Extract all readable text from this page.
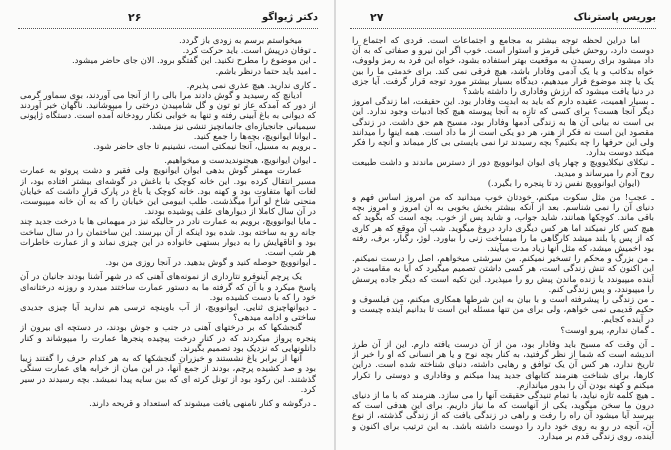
دکتر ژیواگو
۲۶

میخواستم برسم به زودی باز گردد.

ـ توفان درپیش است. باید حرکت کرد.

ـ این موضوع را مطرح نکنید. این گفتگو برود. الان جای حاضر میشود.

ـ امید باید حتما درنظر باشم.

ـ کاری ندارید. هیچ عذری نمی پذیرم.

ادیانچ که رسیدید و گوش دادند مرا بالی را از آنجا می آوردند، بوی سماور گرمی از دور که آمدکه عاز تو تون و گل شامپیدن درختی را میپوشانید. ناگهان خبر آوردند که دیوانی به باغ آبینی رفته و تنها به خوابی نکنار رودخانه آمده است. دستگاه ژاپونی سیمیانی جانجیازه‌ای جانمانچیز تنشی نیز میشد.

ـ ایوانا ایوانویچ، بچه‌ها را جمع کنید.

ـ برویم به مسیل، آنجا نیمکتی است، نشینیم تا جای حاضر شود.

ـ ایوان ایوانویچ، هیجنوندیدست و میخواهیم.

عمارت مهمتر گوش بدهی ایوان ایوانویچ ولی فقیر و دشت پروتو به عمارت مسیر انتقال کرده بود. این خانه کوچک با باغش در گوشه‌ای بیشتر افتاده بود، از لغات آنها متفاوت بود و کهنه بود. خانه کوچک یا باغ در پارک قرار داشت که خیابان منحنی شاخ لو آنرا میگذشت. طلب ابیومی این خیابان را که به آن خانه میپیوست، در آن سال کاملا از دیوارهای علف پوشیده بودند.

ـ مایا ایوانوویچ، برویم به عمارت نادر در حالیکه نیز در میهمانی ها با درخت جدید چند جانه رو به ساخته بود. شده بود اینکه از آن بپرسند. این ساختمان را در سال ساخت بود و اتاقهایش را به دیوار بستهی خانواده در این چیزی نماند و از عمارت خاطرات هر شب است.

ـ ایوانوویچ حوصله کنید و گوش بدهید. در آنجا روزی من بود.

یک پرچم آینوفرو نتارداری از نمونه‌های آهنی که در شهر آشنا بودند جانیان در آن پاسخ میکرد و با آن که گرفته ما به دستور عمارت ساختند میدرد و روزنه درختانه‌ای خود را که با دست کشیده بود.

ـ دیوانهاچیزی ثنایی. ایوانوویچ، از آب باوینچه ترسی هم ندارید آیا چیزی جدیدی ساختی و ادامه میدهی؟

گنجشکها که بر درختهای آهنی در جنب و جوش بودند، در دستچه ای بیرون از پنجره پرواز میکردند که در کنار درخت پیچیده پنجرها عمارت را میپوشاند و کنار دانلونهایی که نزدیک بود تصمیم بگیرند.

آنها از برابر یاغ نشستند و خیزران گنجشکها که به هر کدام حرف را گفتند زیبا بود و صد کشیده پرچم، بودند از جمع آنها، در این میان از خرابه های عمارت سنگی گذشتند. این رکود بود از تونل کرته ای که بین سایه پیدا نمیشد. بچه رسیدند در سیر کرد.

ـ درگوشه و کنار نامنهی یافت میشوند که استعداد و قریحه دارند.

بوریس پاسترناک
۲۷

اما دراین لحظه توجه بیشتر به مجامع و اجتماعات است. فردی که اجتماع را دوست دارد، روحش خیلی قرمز و استوار است. خوب اگر این نیرو و صفاتی که به آن داد میشود برای رسیدن به موقعیت بهتر استفاده بشود، خواه این فرد به رمز ولووف، خواه بدکاتب و یا یک آدمی وفادار باشد، هیچ فرقی نمی کند. برای خدمتی ما را بین یک یا چند موضوع قرار میدهیم، دیدگاه بسیار بیشتر مورد توجه قرار گرفت. آیا جزی در دنیا یافت میشود که ارزش وفاداری را داشته باشد؟

ـ بسیار اهمیت، عقیده دارم که باید به ابدیت وفادار بود. این حقیقت، اما زندگی امروز دیگر آنجا هست؟ برای کسی که تازه به آنجا پیوسته هیچ کجا ادبیات وجود ندارد. این بی است نه بیانی آن ها به زندگی آدمها وفادار بود، مسیح هم حق داشت. در زندگی مقصود این است نه فکر از هنر، هر دو یکی است از ما داد است. همه اینها را میدانند ولی این حرفها را چه بکنیم؟ بچه رسیدند ترا نمی بایستی بی کار میماند و آنچه را فکر میکند دوست بدارد.

ـ نیکلای نیکلایوویچ و چهار پای ایوان ایوانوویچ دور از دسترس ماندند و داشت طبیعت روح آدم را میرساند و میدید.

(ایوان ایوانوویچ نفس زد تا پنجره را بگیرد.)

ـ عجب! من مثل سکوت میکنم، خودتان خوب میدانید که من امروز اساس فهم و دنیای آن را نمی شناسم. بعد از آنکه بیشتر بخش بخوبی به آن امروز و امروز بچه باقی ماند. کوچکها همانند، شاید جواب، و شاید پس از خوب. بچه است که بگوید که هیچ کس کار نمیکند اما هر کس دیگری دارد دروغ میگوید. شب آن موقع که هر کاری که از پس پا بلند میشد کارگاهی ما را میساخت زنی را بیاورد. لوژ، رگبار، برف، رفته بود اخمیش میشد، که مثل آنها زیاد مدت میآیند.

ـ من بزرگ و محکم را تسخیر نمیکنم. من سرشتی میخواهم، اصل را درست نمیکنم. این اکنون که تنش زندگی است، هر کسی داشتن تصمیم میگیرد که آیا به مقامیت در آینده میپیوندد یا زنده ماندن پیش رو را میپذیرد. این تکیه است که دیگر جاده پرسش را میپیوندد، و پس زندگی کنم.

ـ من زندگی را پیشرفته است و با بیان به این شرطها همکاری میکنم، من فیلسوف و حکیم قدیمی نمی خواهم، ولی برای من تنها مسئله این است تا بدانیم آینده چیست و در آینده کجایم.

ـ گمان ندارم، پیرو اوست؟

ـ آن وقت که مسیح باید وفادار بود، من از آن درست یافته دارم. این از آن طرز اندیشه است که شما از نظر گرفتید، به کنار بچه نوح و یا هر انسانی که او را خبر از تاریخ ندارد، هر کس آن یک توافق و رهایی داشته، دنیای شناخته شده است. دراین کارها، برای شناخت هنرمند کتابهای جدید پیدا میکنم و وفاداری و دوستی را تکرار میکنم و کهنه بودن آن را بدور میاندازم.

ـ هیچ کلمه تازه نیاید، با تمام تنیدگی حقیقت آنها را می سازد. هنرمند که با ما از دنیای درون ما سخن میگوید، یکی از آنهاست که ما نیاز داریم. برای این هدفی است که بپرسد آیا میشود آن راه را رفت و راهی در زندگی یافت که از زندگی گذشته، از نوع آن، آنچه در رو به روی خود دارد را دوست داشته باشد. به این ترتیب برای اکنون و آینده، روی زندگی قدم بر میدارد.
